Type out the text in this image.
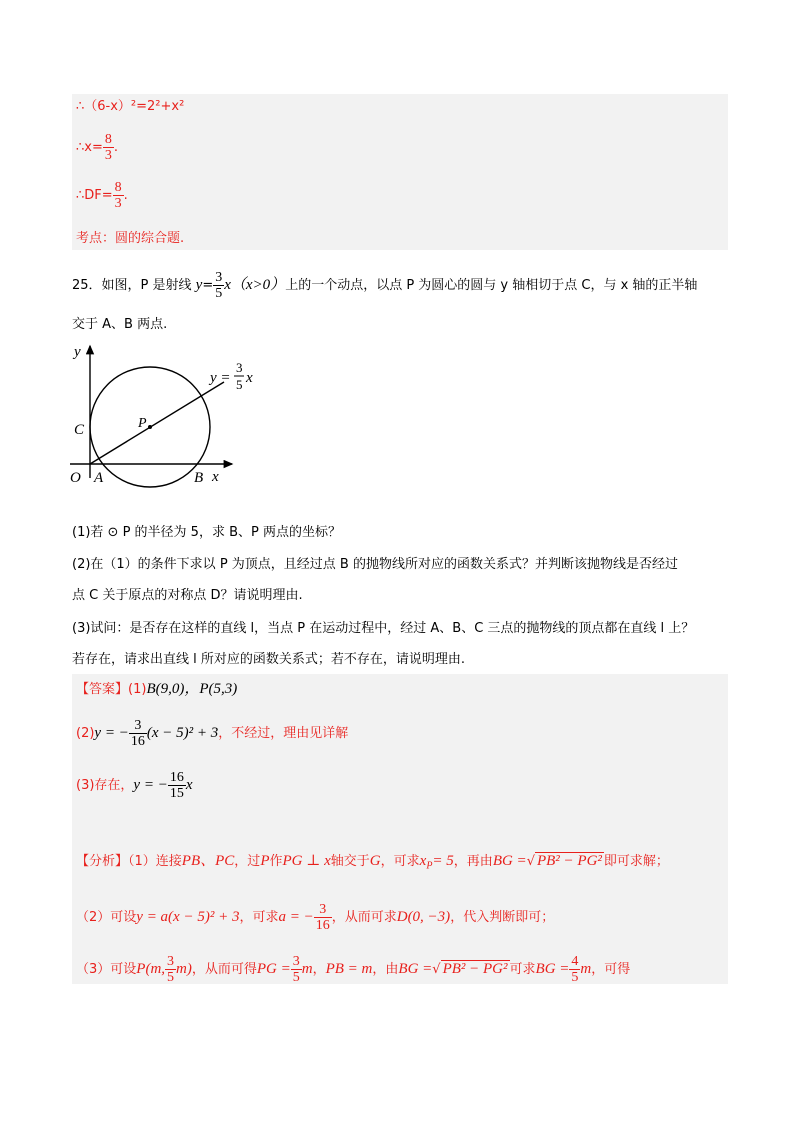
∴（6-x）²=2²+x²
∴x= $\frac{8}{3}$ .
∴DF= $\frac{8}{3}$ .
考点：圆的综合题.
25．如图，P 是射线 $y= \frac{3}{5} x(x>0)$上的一个动点，以点 P 为圆心的圆与 y 轴相切于点 C，与 x 轴的正半轴
交于 A、B 两点.
y
x
C	P
O A	B
y =
3
5 x
(1)若 ⊙ P 的半径为 5，求 B、P 两点的坐标？
(2)在（1）的条件下求以 P 为顶点，且经过点 B 的抛物线所对应的函数关系式？并判断该抛物线是否经过
点 C 关于原点的对称点 D？请说明理由.
(3)试问：是否存在这样的直线 l，当点 P 在运动过程中，经过 A、B、C 三点的抛物线的顶点都在直线 l 上？
若存在，请求出直线 l 所对应的函数关系式；若不存在，请说明理由.
【答案】(1)B(9,0)，P(5,3)
(2)y = − $\frac{3}{16} (x - 5)^2 + 3$，不经过，理由见详解
(3)存在，y = − $\frac{16}{15}$ x
【分析】（1）连接PB、PC，过P作PG ⊥ x轴交于G，可求$x_P= 5$，再由BG =√ PB² − PG² 即可求解；
（2）可设y = a(x − 5)² + 3，可求a = − $\frac{3}{16}$ ，从而可求D(0, −3)，代入判断即可；
（3）可设P(m, $\frac{3}{5} m$)，从而可得PG = $\frac{3}{5}$ m，PB = m，由BG =√ PB² − PG² 可求BG = $\frac{4}{5}$ m，可得
